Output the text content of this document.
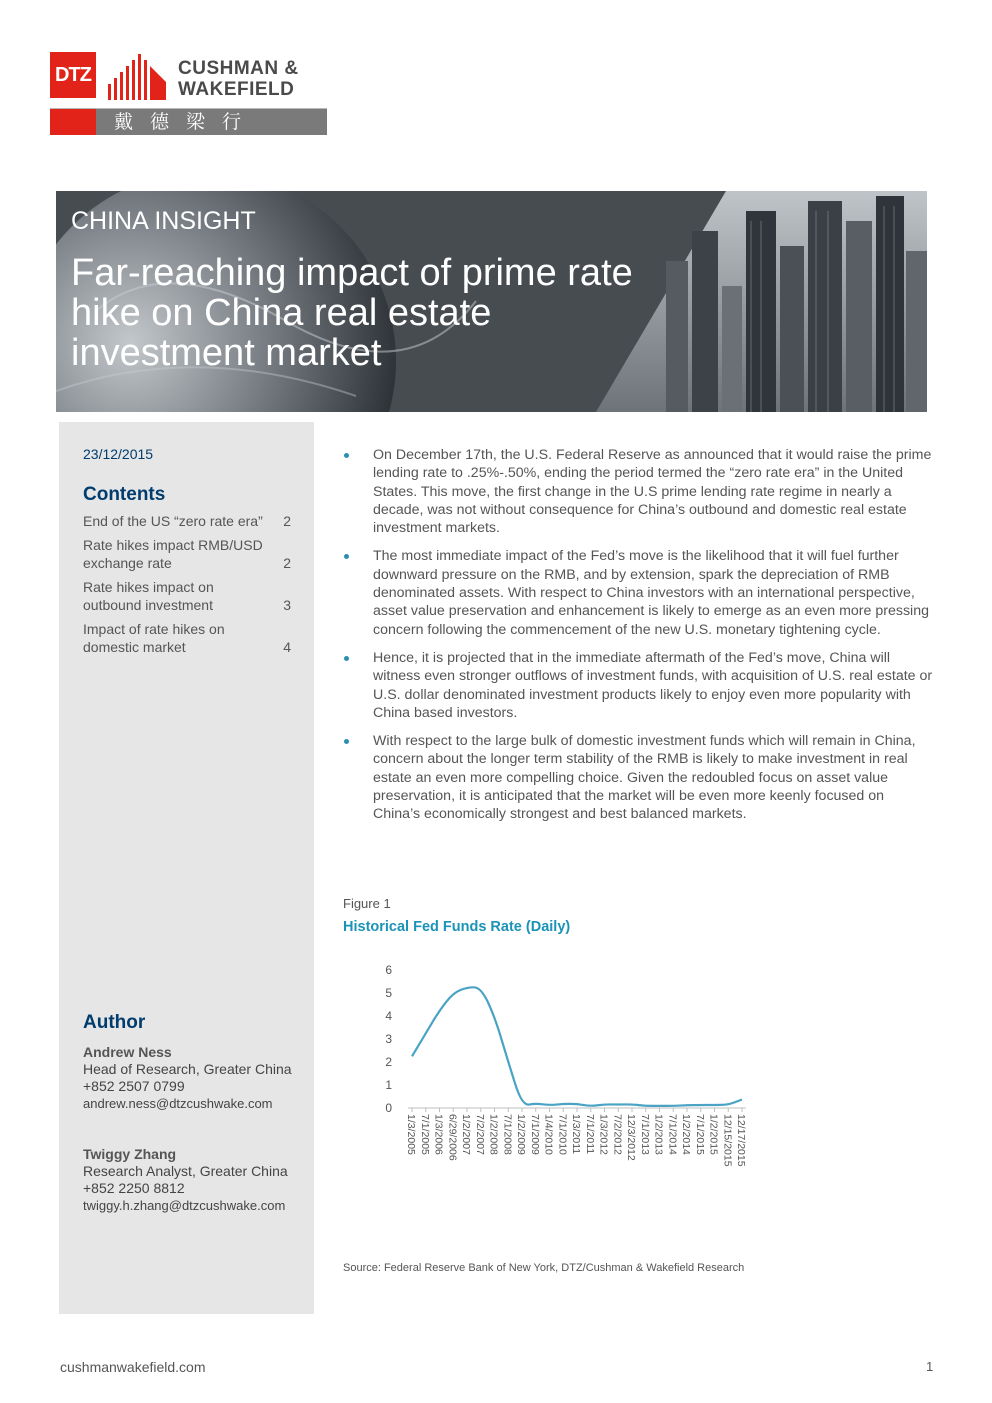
DTZ	CUSHMAN &
WAKEFIELD
戴德梁行
CHINA INSIGHT
Far-reaching impact of prime rate hike on China real estate investment market
23/12/2015
Contents
End of the US “zero rate era” 2
Rate hikes impact RMB/USD exchange rate	2
Rate hikes impact on outbound investment	3
Impact of rate hikes on domestic market	4
Author
Andrew Ness
Head of Research, Greater China
+852 2507 0799
andrew.ness@dtzcushwake.com
Twiggy Zhang
Research Analyst, Greater China
+852 2250 8812
twiggy.h.zhang@dtzcushwake.com
On December 17th, the U.S. Federal Reserve as announced that it would raise the prime lending rate to .25%-.50%, ending the period termed the “zero rate era” in the United States. This move, the first change in the U.S prime lending rate regime in nearly a decade, was not without consequence for China’s outbound and domestic real estate investment markets.
The most immediate impact of the Fed’s move is the likelihood that it will fuel further downward pressure on the RMB, and by extension, spark the depreciation of RMB denominated assets. With respect to China investors with an international perspective, asset value preservation and enhancement is likely to emerge as an even more pressing concern following the commencement of the new U.S. monetary tightening cycle.
Hence, it is projected that in the immediate aftermath of the Fed’s move, China will witness even stronger outflows of investment funds, with acquisition of U.S. real estate or U.S. dollar denominated investment products likely to enjoy even more popularity with China based investors.
With respect to the large bulk of domestic investment funds which will remain in China, concern about the longer term stability of the RMB is likely to make investment in real estate an even more compelling choice. Given the redoubled focus on asset value preservation, it is anticipated that the market will be even more keenly focused on China’s economically strongest and best balanced markets.
Figure 1
Historical Fed Funds Rate (Daily)
0
1
2
3
4
5
6
1/3/2005 7/1/2005 1/3/2006 6/29/2006 1/2/2007 7/2/2007 1/2/2008 7/1/2008 1/2/2009 7/1/2009 1/4/2010 7/1/2010 1/3/2011 7/1/2011 1/3/2012 7/2/2012 12/3/2012 7/1/2013 1/2/2013 7/1/2014 1/2/2014 7/1/2015 1/2/2015 12/15/2015 12/17/2015
Source: Federal Reserve Bank of New York, DTZ/Cushman & Wakefield Research
cushmanwakefield.com	1
